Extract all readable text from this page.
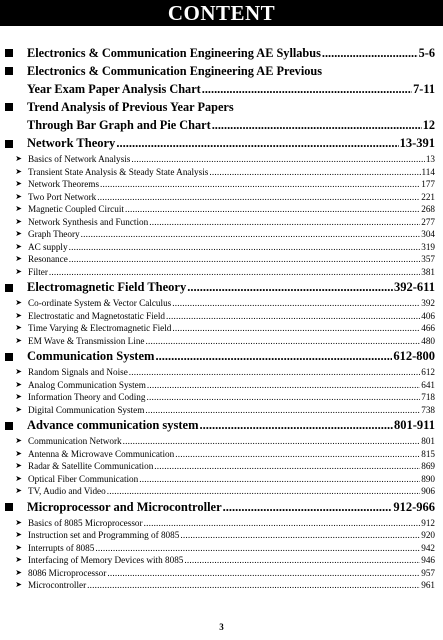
CONTENT
Electronics & Communication Engineering AE Syllabus .....	5-6
Electronics & Communication Engineering AE Previous
Year Exam Paper Analysis Chart .....	7-11
Trend Analysis of Previous Year Papers
Through Bar Graph and Pie Chart .....	12
Network Theory .....	13-391
➤ Basics of Network Analysis .....	13
➤ Transient State Analysis & Steady State Analysis .....	114
➤ Network Theorems .....	177
➤ Two Port Network .....	221
➤ Magnetic Coupled Circuit .....	268
➤ Network Synthesis and Function .....	277
➤ Graph Theory .....	304
➤ AC supply .....	319
➤ Resonance .....	357
➤ Filter .....	381
Electromagnetic Field Theory .....	392-611
➤ Co-ordinate System & Vector Calculus .....	392
➤ Electrostatic and Magnetostatic Field .....	406
➤ Time Varying & Electromagnetic Field .....	466
➤ EM Wave & Transmission Line .....	480
Communication System .....	612-800
➤ Random Signals and Noise .....	612
➤ Analog Communication System .....	641
➤ Information Theory and Coding .....	718
➤ Digital Communication System .....	738
Advance communication system .....	801-911
➤ Communication Network .....	801
➤ Antenna & Microwave Communication .....	815
➤ Radar & Satellite Communication .....	869
➤ Optical Fiber Communication .....	890
➤ TV, Audio and Video .....	906
Microprocessor and Microcontroller .....	912-966
➤ Basics of 8085 Microprocessor .....	912
➤ Instruction set and Programming of 8085 .....	920
➤ Interrupts of 8085 .....	942
➤ Interfacing of Memory Devices with 8085 .....	946
➤ 8086 Microprocessor .....	957
➤ Microcontroller .....	961
3
